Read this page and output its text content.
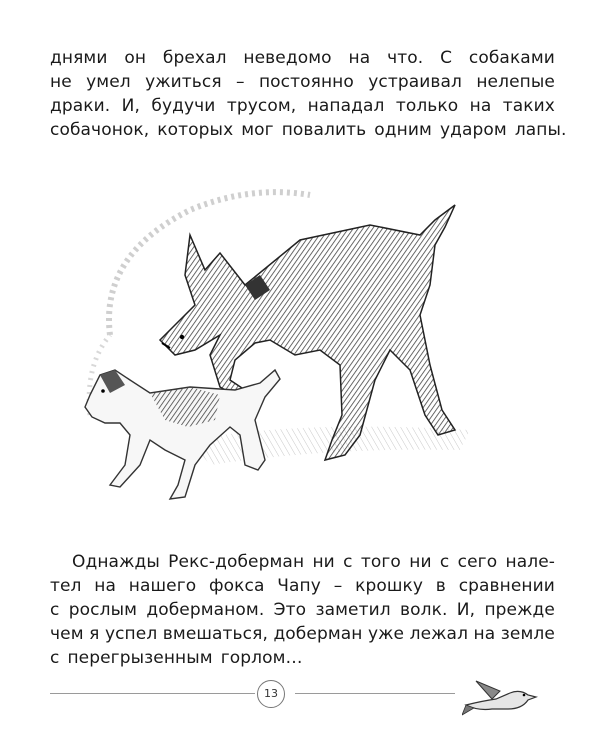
днями он брехал неведомо на что. С собаками
не умел ужиться – постоянно устраивал нелепые
драки. И, будучи трусом, нападал только на таких
собачонок, которых мог повалить одним ударом лапы.
Однажды Рекс-доберман ни с того ни с сего нале-
тел на нашего фокса Чапу – крошку в сравнении
с рослым доберманом. Это заметил волк. И, прежде
чем я успел вмешаться, доберман уже лежал на земле
с перегрызенным горлом…
13
